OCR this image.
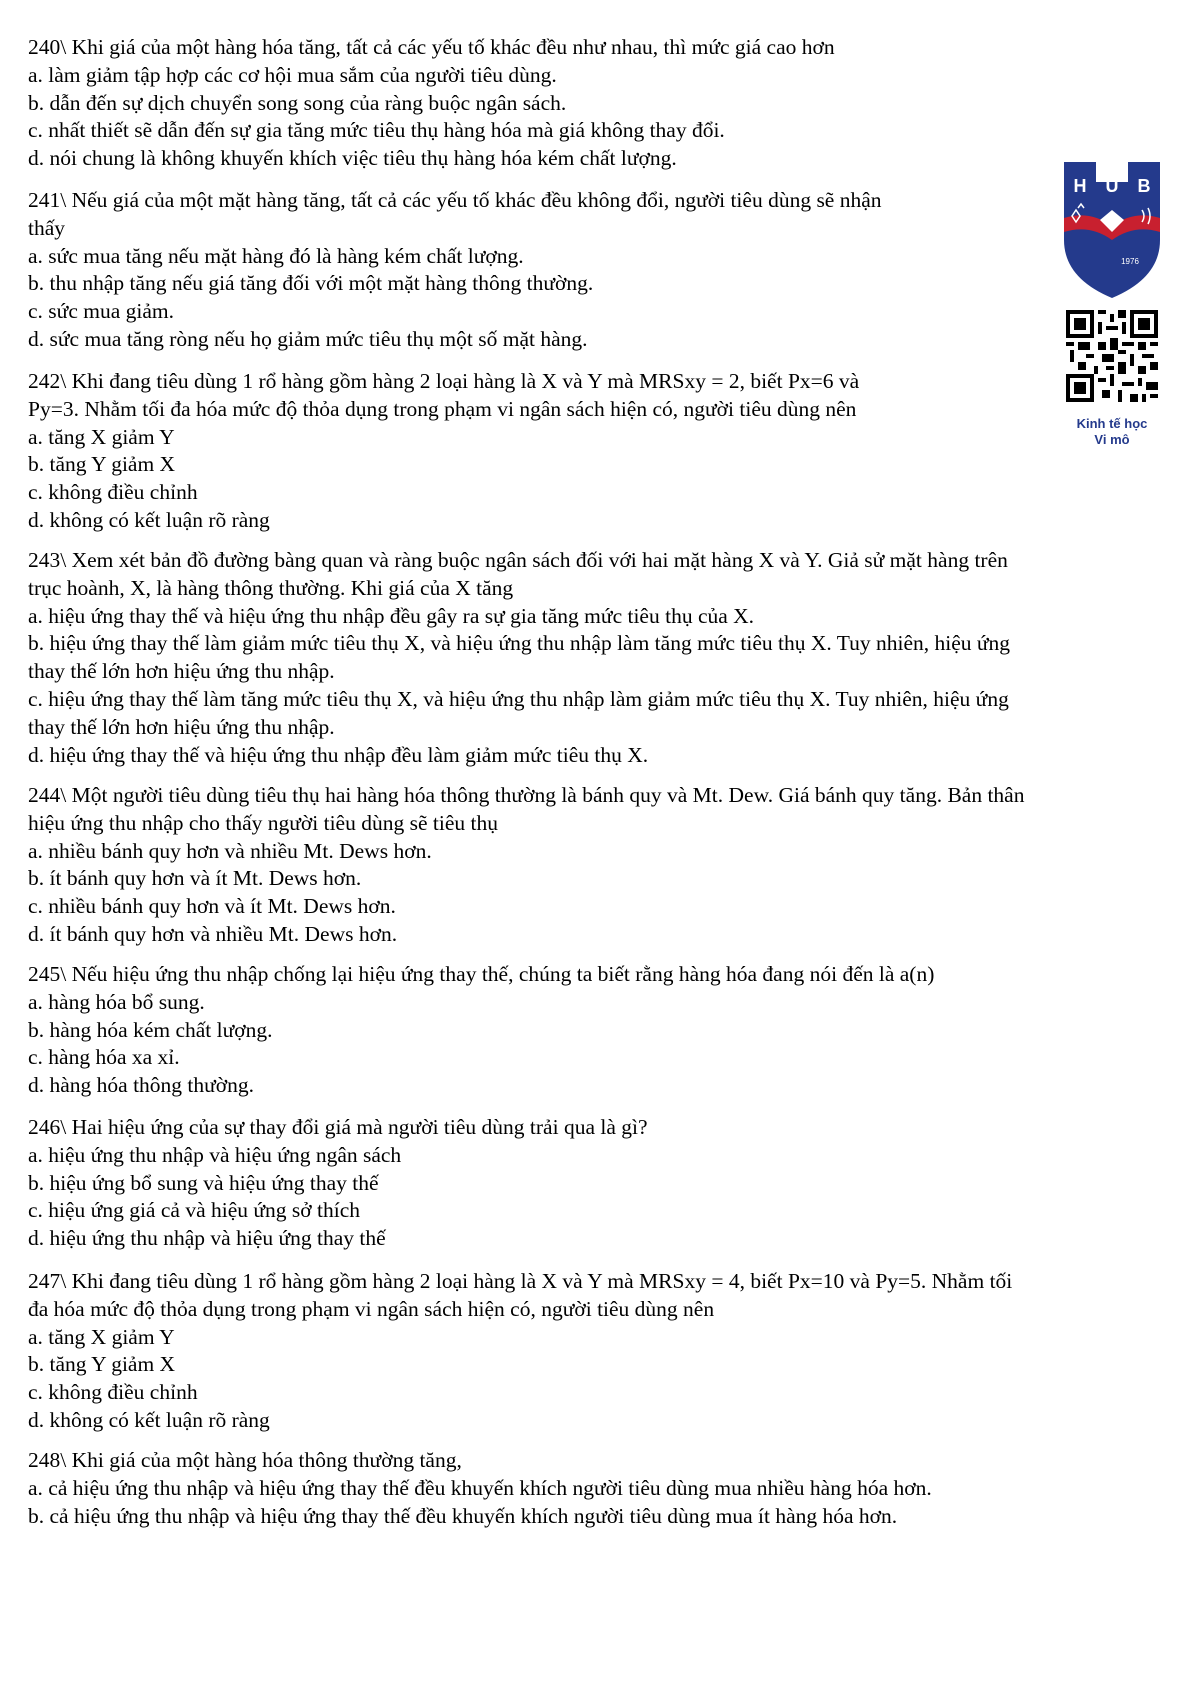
240\ Khi giá của một hàng hóa tăng, tất cả các yếu tố khác đều như nhau, thì mức giá cao hơn
a. làm giảm tập hợp các cơ hội mua sắm của người tiêu dùng.
b. dẫn đến sự dịch chuyển song song của ràng buộc ngân sách.
c. nhất thiết sẽ dẫn đến sự gia tăng mức tiêu thụ hàng hóa mà giá không thay đổi.
d. nói chung là không khuyến khích việc tiêu thụ hàng hóa kém chất lượng.
241\ Nếu giá của một mặt hàng tăng, tất cả các yếu tố khác đều không đổi, người tiêu dùng sẽ nhận
thấy
a. sức mua tăng nếu mặt hàng đó là hàng kém chất lượng.
b. thu nhập tăng nếu giá tăng đối với một mặt hàng thông thường.
c. sức mua giảm.
d. sức mua tăng ròng nếu họ giảm mức tiêu thụ một số mặt hàng.
242\ Khi đang tiêu dùng 1 rổ hàng gồm hàng 2 loại hàng là X và Y mà MRSxy = 2, biết Px=6 và
Py=3. Nhằm tối đa hóa mức độ thỏa dụng trong phạm vi ngân sách hiện có, người tiêu dùng nên
a. tăng X giảm Y
b. tăng Y giảm X
c. không điều chỉnh
d. không có kết luận rõ ràng
243\ Xem xét bản đồ đường bàng quan và ràng buộc ngân sách đối với hai mặt hàng X và Y. Giả sử mặt hàng trên
trục hoành, X, là hàng thông thường. Khi giá của X tăng
a. hiệu ứng thay thế và hiệu ứng thu nhập đều gây ra sự gia tăng mức tiêu thụ của X.
b. hiệu ứng thay thế làm giảm mức tiêu thụ X, và hiệu ứng thu nhập làm tăng mức tiêu thụ X. Tuy nhiên, hiệu ứng
thay thế lớn hơn hiệu ứng thu nhập.
c. hiệu ứng thay thế làm tăng mức tiêu thụ X, và hiệu ứng thu nhập làm giảm mức tiêu thụ X. Tuy nhiên, hiệu ứng
thay thế lớn hơn hiệu ứng thu nhập.
d. hiệu ứng thay thế và hiệu ứng thu nhập đều làm giảm mức tiêu thụ X.
244\ Một người tiêu dùng tiêu thụ hai hàng hóa thông thường là bánh quy và Mt. Dew. Giá bánh quy tăng. Bản thân
hiệu ứng thu nhập cho thấy người tiêu dùng sẽ tiêu thụ
a. nhiều bánh quy hơn và nhiều Mt. Dews hơn.
b. ít bánh quy hơn và ít Mt. Dews hơn.
c. nhiều bánh quy hơn và ít Mt. Dews hơn.
d. ít bánh quy hơn và nhiều Mt. Dews hơn.
245\ Nếu hiệu ứng thu nhập chống lại hiệu ứng thay thế, chúng ta biết rằng hàng hóa đang nói đến là a(n)
a. hàng hóa bổ sung.
b. hàng hóa kém chất lượng.
c. hàng hóa xa xỉ.
d. hàng hóa thông thường.
246\ Hai hiệu ứng của sự thay đổi giá mà người tiêu dùng trải qua là gì?
a. hiệu ứng thu nhập và hiệu ứng ngân sách
b. hiệu ứng bổ sung và hiệu ứng thay thế
c. hiệu ứng giá cả và hiệu ứng sở thích
d. hiệu ứng thu nhập và hiệu ứng thay thế
247\ Khi đang tiêu dùng 1 rổ hàng gồm hàng 2 loại hàng là X và Y mà MRSxy = 4, biết Px=10 và Py=5. Nhằm tối
đa hóa mức độ thỏa dụng trong phạm vi ngân sách hiện có, người tiêu dùng nên
a. tăng X giảm Y
b. tăng Y giảm X
c. không điều chỉnh
d. không có kết luận rõ ràng
248\ Khi giá của một hàng hóa thông thường tăng,
a. cả hiệu ứng thu nhập và hiệu ứng thay thế đều khuyến khích người tiêu dùng mua nhiều hàng hóa hơn.
b. cả hiệu ứng thu nhập và hiệu ứng thay thế đều khuyến khích người tiêu dùng mua ít hàng hóa hơn.
H U B
1976
Kinh tế học
Vi mô
